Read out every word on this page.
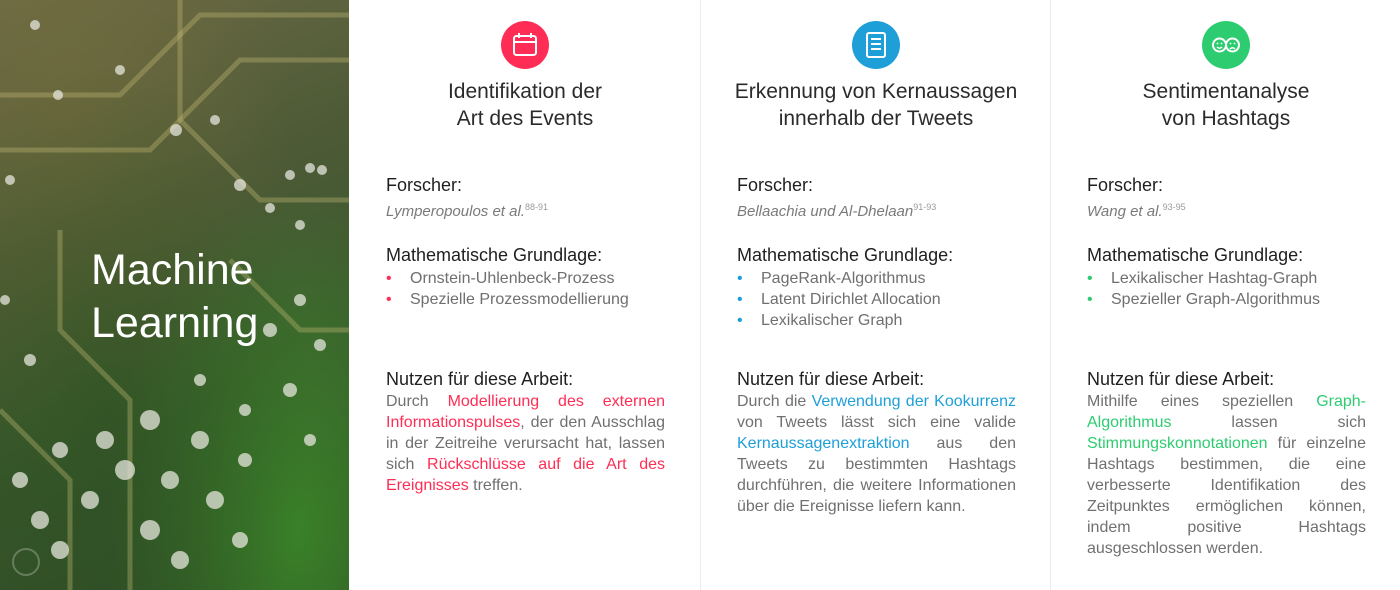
Machine
Learning
Identifikation der
Art des Events
Forscher:
Lymperopoulos et al.$^{88-91}$
Mathematische Grundlage:
• Ornstein-Uhlenbeck-Prozess
• Spezielle Prozessmodellierung
Nutzen für diese Arbeit:
Durch Modellierung des externen Informationspulses, der den Ausschlag in der Zeitreihe verursacht hat, lassen sich Rückschlüsse auf die Art des Ereignisses treffen.
Erkennung von Kernaussagen
innerhalb der Tweets
Forscher:
Bellaachia und Al-Dhelaan$^{91-93}$
Mathematische Grundlage:
• PageRank-Algorithmus
• Latent Dirichlet Allocation
• Lexikalischer Graph
Nutzen für diese Arbeit:
Durch die Verwendung der Kookurrenz von Tweets lässt sich eine valide Kernaussagenextraktion aus den Tweets zu bestimmten Hashtags durchführen, die weitere Informationen über die Ereignisse liefern kann.
Sentimentanalyse
von Hashtags
Forscher:
Wang et al.$^{93-95}$
Mathematische Grundlage:
• Lexikalischer Hashtag-Graph
• Spezieller Graph-Algorithmus
Nutzen für diese Arbeit:
Mithilfe eines speziellen Graph-Algorithmus lassen sich Stimmungskonnotationen für einzelne Hashtags bestimmen, die eine verbesserte Identifikation des Zeitpunktes ermöglichen können, indem positive Hashtags ausgeschlossen werden.
